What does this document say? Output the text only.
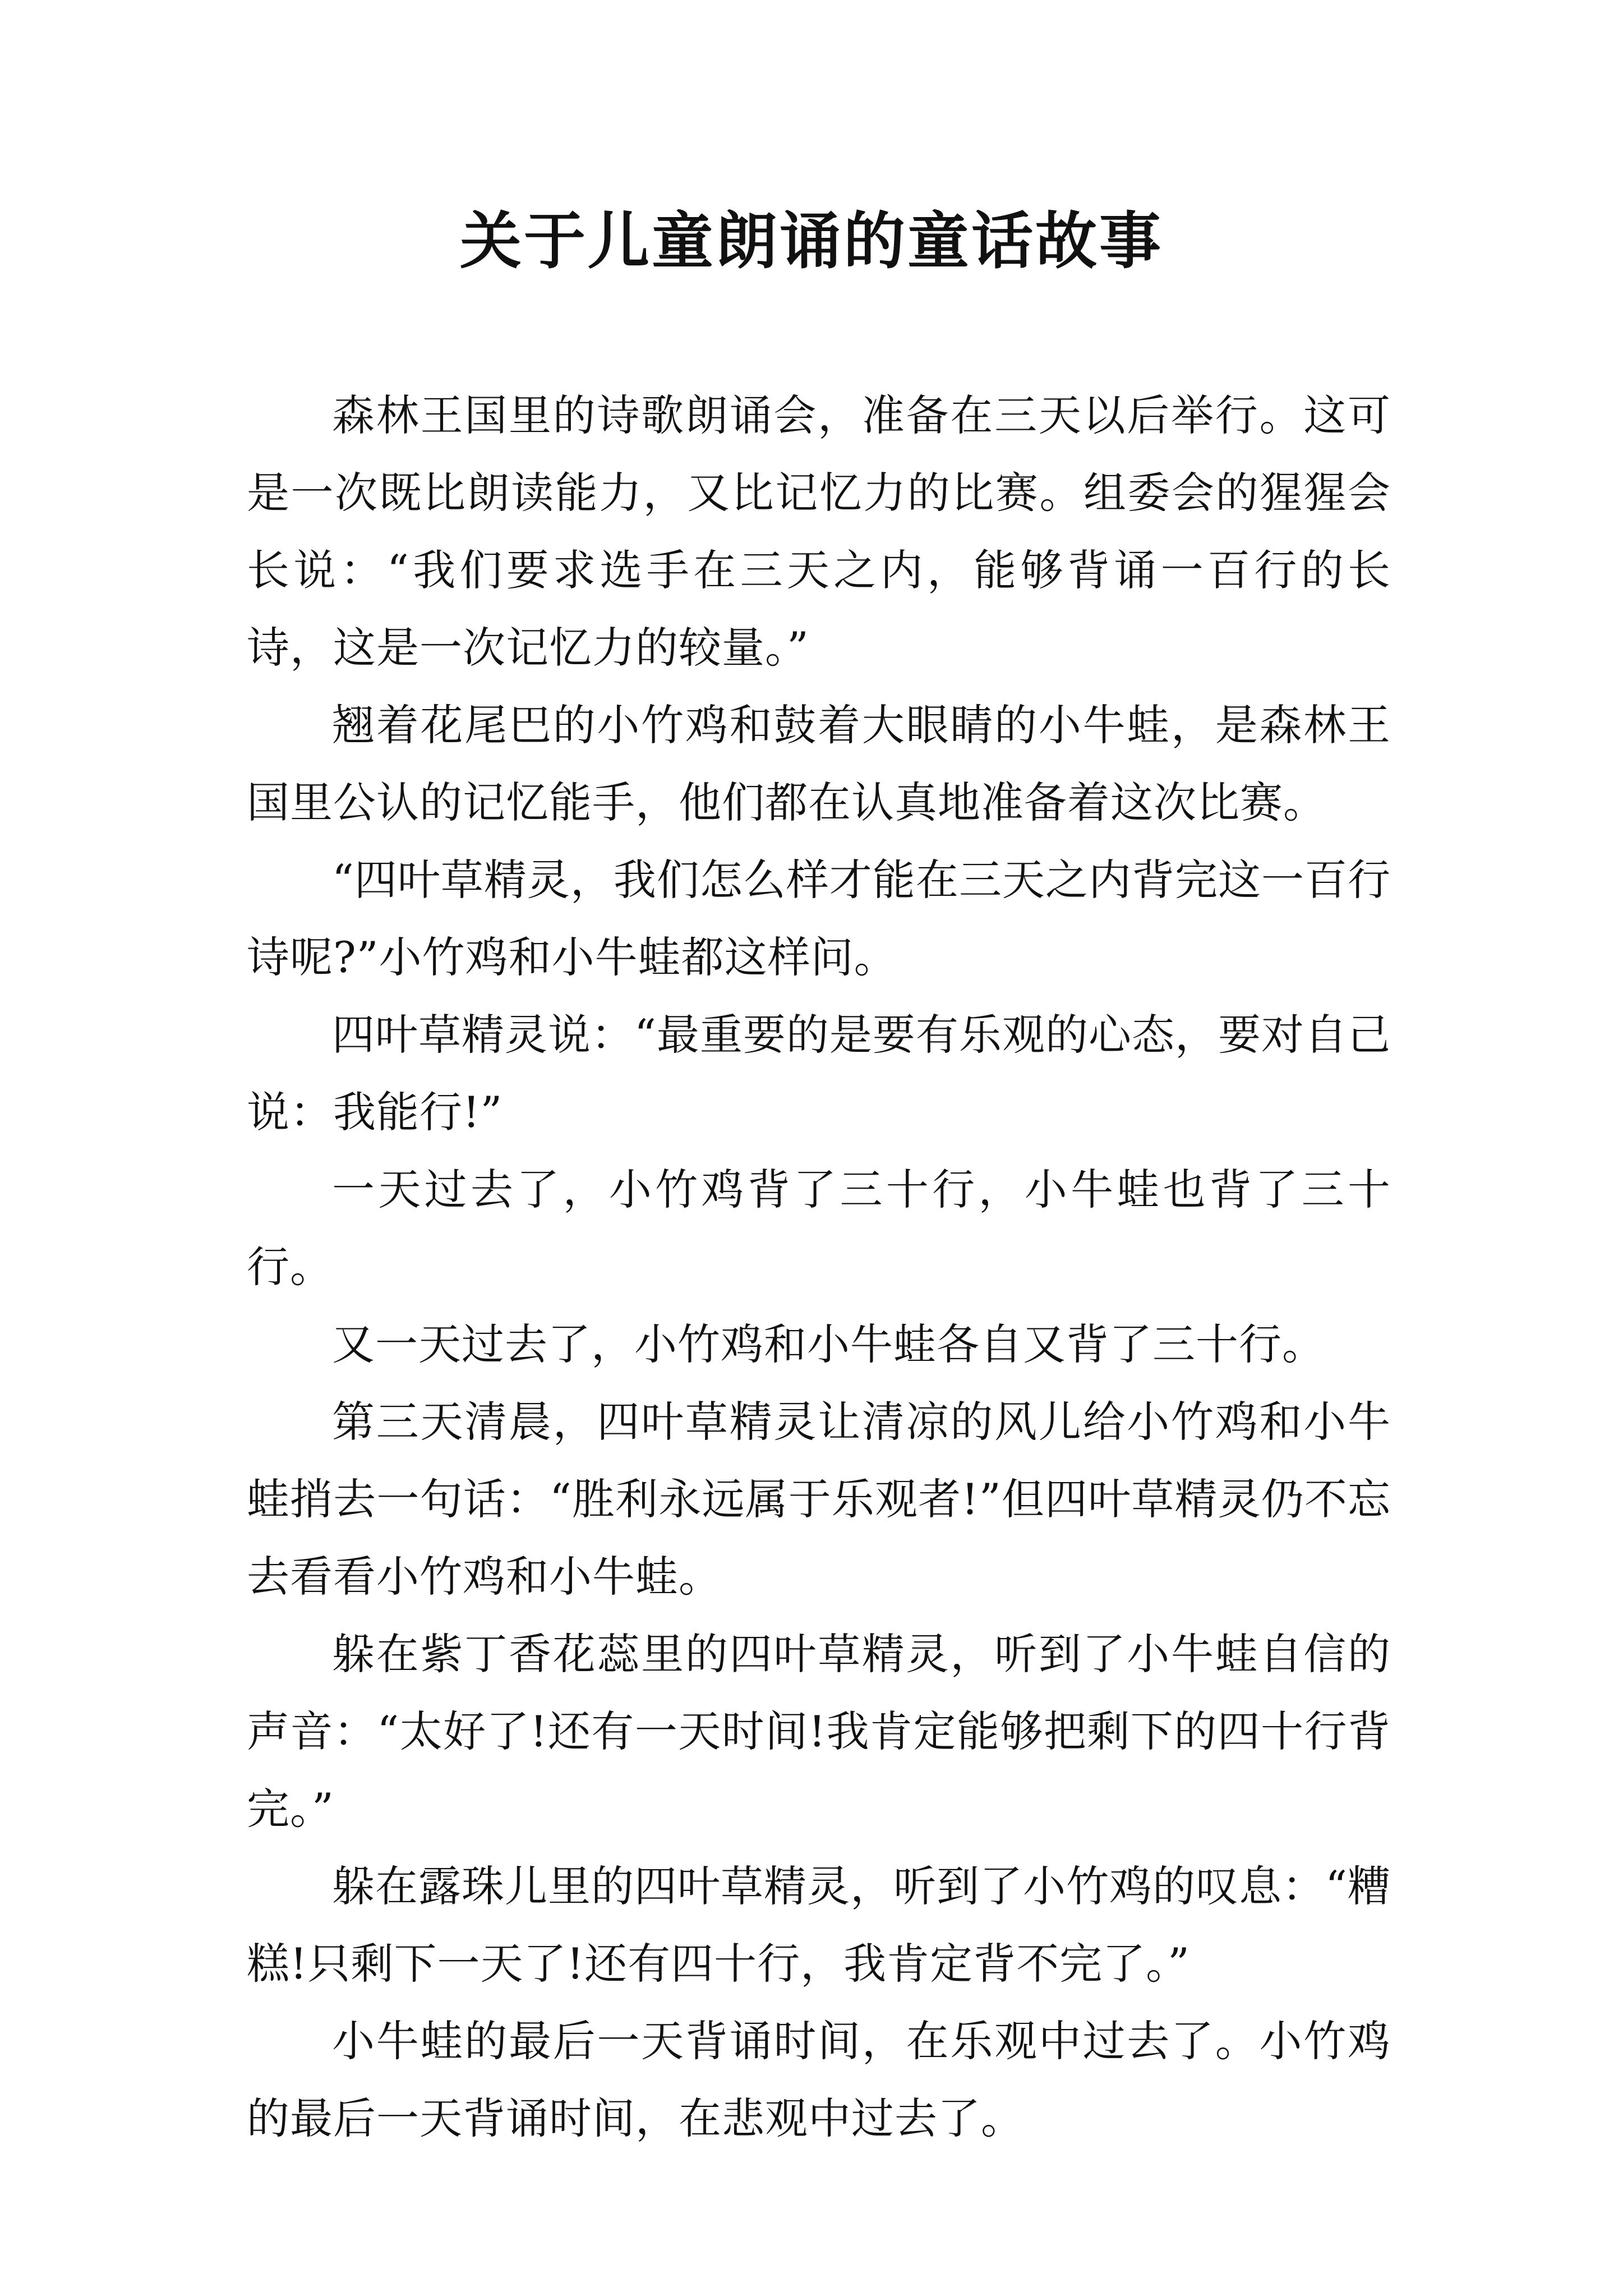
关于儿童朗诵的童话故事

森林王国里的诗歌朗诵会，准备在三天以后举行。这可是一次既比朗读能力，又比记忆力的比赛。组委会的猩猩会长说：“我们要求选手在三天之内，能够背诵一百行的长诗，这是一次记忆力的较量。”

翘着花尾巴的小竹鸡和鼓着大眼睛的小牛蛙，是森林王国里公认的记忆能手，他们都在认真地准备着这次比赛。

“四叶草精灵，我们怎么样才能在三天之内背完这一百行诗呢?”小竹鸡和小牛蛙都这样问。

四叶草精灵说：“最重要的是要有乐观的心态，要对自己说：我能行!”

一天过去了，小竹鸡背了三十行，小牛蛙也背了三十行。

又一天过去了，小竹鸡和小牛蛙各自又背了三十行。

第三天清晨，四叶草精灵让清凉的风儿给小竹鸡和小牛蛙捎去一句话：“胜利永远属于乐观者!”但四叶草精灵仍不忘去看看小竹鸡和小牛蛙。

躲在紫丁香花蕊里的四叶草精灵，听到了小牛蛙自信的声音：“太好了!还有一天时间!我肯定能够把剩下的四十行背完。”

躲在露珠儿里的四叶草精灵，听到了小竹鸡的叹息：“糟糕!只剩下一天了!还有四十行，我肯定背不完了。”

小牛蛙的最后一天背诵时间，在乐观中过去了。小竹鸡的最后一天背诵时间，在悲观中过去了。
